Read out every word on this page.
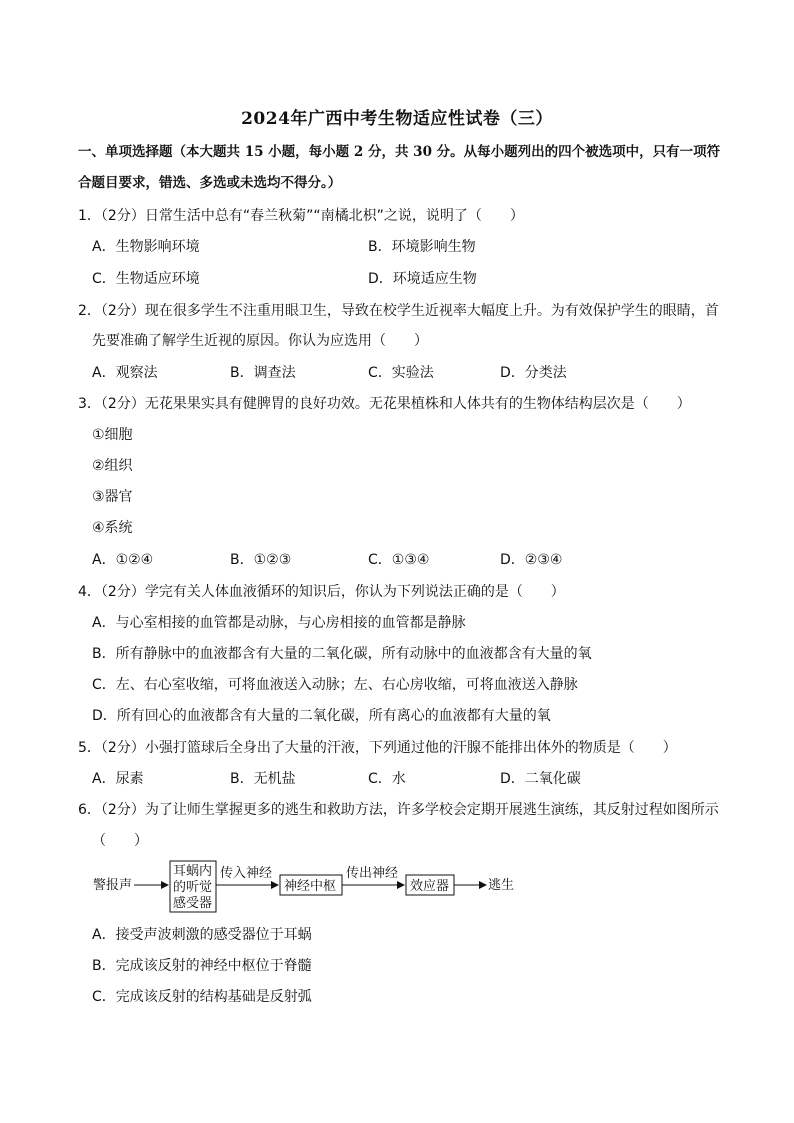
2024年广西中考生物适应性试卷（三）
一、单项选择题（本大题共 15 小题，每小题 2 分，共 30 分。从每小题列出的四个被选项中，只有一项符
合题目要求，错选、多选或未选均不得分。）
1．（2分）日常生活中总有“春兰秋菊”“南橘北枳”之说，说明了（　　）
A．生物影响环境	B．环境影响生物
C．生物适应环境	D．环境适应生物
2．（2分）现在很多学生不注重用眼卫生，导致在校学生近视率大幅度上升。为有效保护学生的眼睛，首
先要准确了解学生近视的原因。你认为应选用（　　）
A．观察法	B．调查法	C．实验法	D．分类法
3．（2分）无花果果实具有健脾胃的良好功效。无花果植株和人体共有的生物体结构层次是（　　）
①细胞
②组织
③器官
④系统
A．①②④	B．①②③	C．①③④	D．②③④
4．（2分）学完有关人体血液循环的知识后，你认为下列说法正确的是（　　）
A．与心室相接的血管都是动脉，与心房相接的血管都是静脉
B．所有静脉中的血液都含有大量的二氧化碳，所有动脉中的血液都含有大量的氧
C．左、右心室收缩，可将血液送入动脉；左、右心房收缩，可将血液送入静脉
D．所有回心的血液都含有大量的二氧化碳，所有离心的血液都有大量的氧
5．（2分）小强打篮球后全身出了大量的汗液，下列通过他的汗腺不能排出体外的物质是（　　）
A．尿素	B．无机盐	C．水	D．二氧化碳
6．（2分）为了让师生掌握更多的逃生和救助方法，许多学校会定期开展逃生演练，其反射过程如图所示
（　　）
警报声
耳蜗内
的听觉
感受器
传入神经
神经中枢
传出神经
效应器	逃生
A．接受声波刺激的感受器位于耳蜗
B．完成该反射的神经中枢位于脊髓
C．完成该反射的结构基础是反射弧
